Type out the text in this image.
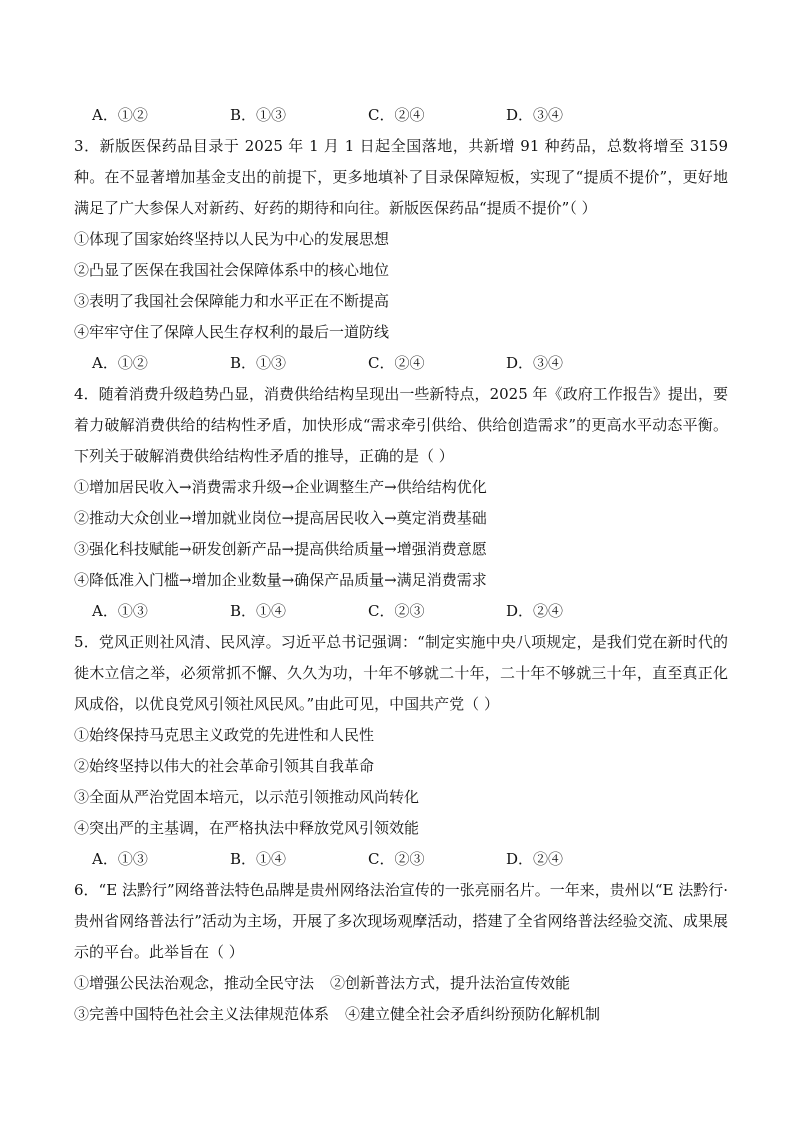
A．①②	B．①③	C．②④	D．③④
3．新版医保药品目录于 2025 年 1 月 1 日起全国落地，共新增 91 种药品，总数将增至 3159 种。在不显著增加基金支出的前提下，更多地填补了目录保障短板，实现了“提质不提价”，更好地满足了广大参保人对新药、好药的期待和向往。新版医保药品“提质不提价”（ ）
①体现了国家始终坚持以人民为中心的发展思想
②凸显了医保在我国社会保障体系中的核心地位
③表明了我国社会保障能力和水平正在不断提高
④牢牢守住了保障人民生存权利的最后一道防线
A．①②	B．①③	C．②④	D．③④
4．随着消费升级趋势凸显，消费供给结构呈现出一些新特点，2025 年《政府工作报告》提出，要着力破解消费供给的结构性矛盾，加快形成“需求牵引供给、供给创造需求”的更高水平动态平衡。下列关于破解消费供给结构性矛盾的推导，正确的是（ ）
①增加居民收入→消费需求升级→企业调整生产→供给结构优化
②推动大众创业→增加就业岗位→提高居民收入→奠定消费基础
③强化科技赋能→研发创新产品→提高供给质量→增强消费意愿
④降低准入门槛→增加企业数量→确保产品质量→满足消费需求
A．①③	B．①④	C．②③	D．②④
5．党风正则社风清、民风淳。习近平总书记强调：“制定实施中央八项规定，是我们党在新时代的徙木立信之举，必须常抓不懈、久久为功，十年不够就二十年，二十年不够就三十年，直至真正化风成俗，以优良党风引领社风民风。”由此可见，中国共产党（ ）
①始终保持马克思主义政党的先进性和人民性
②始终坚持以伟大的社会革命引领其自我革命
③全面从严治党固本培元，以示范引领推动风尚转化
④突出严的主基调，在严格执法中释放党风引领效能
A．①③	B．①④	C．②③	D．②④
6．“E 法黔行”网络普法特色品牌是贵州网络法治宣传的一张亮丽名片。一年来，贵州以“E 法黔行·贵州省网络普法行”活动为主场，开展了多次现场观摩活动，搭建了全省网络普法经验交流、成果展示的平台。此举旨在（ ）
①增强公民法治观念，推动全民守法 ②创新普法方式，提升法治宣传效能
③完善中国特色社会主义法律规范体系 ④建立健全社会矛盾纠纷预防化解机制
